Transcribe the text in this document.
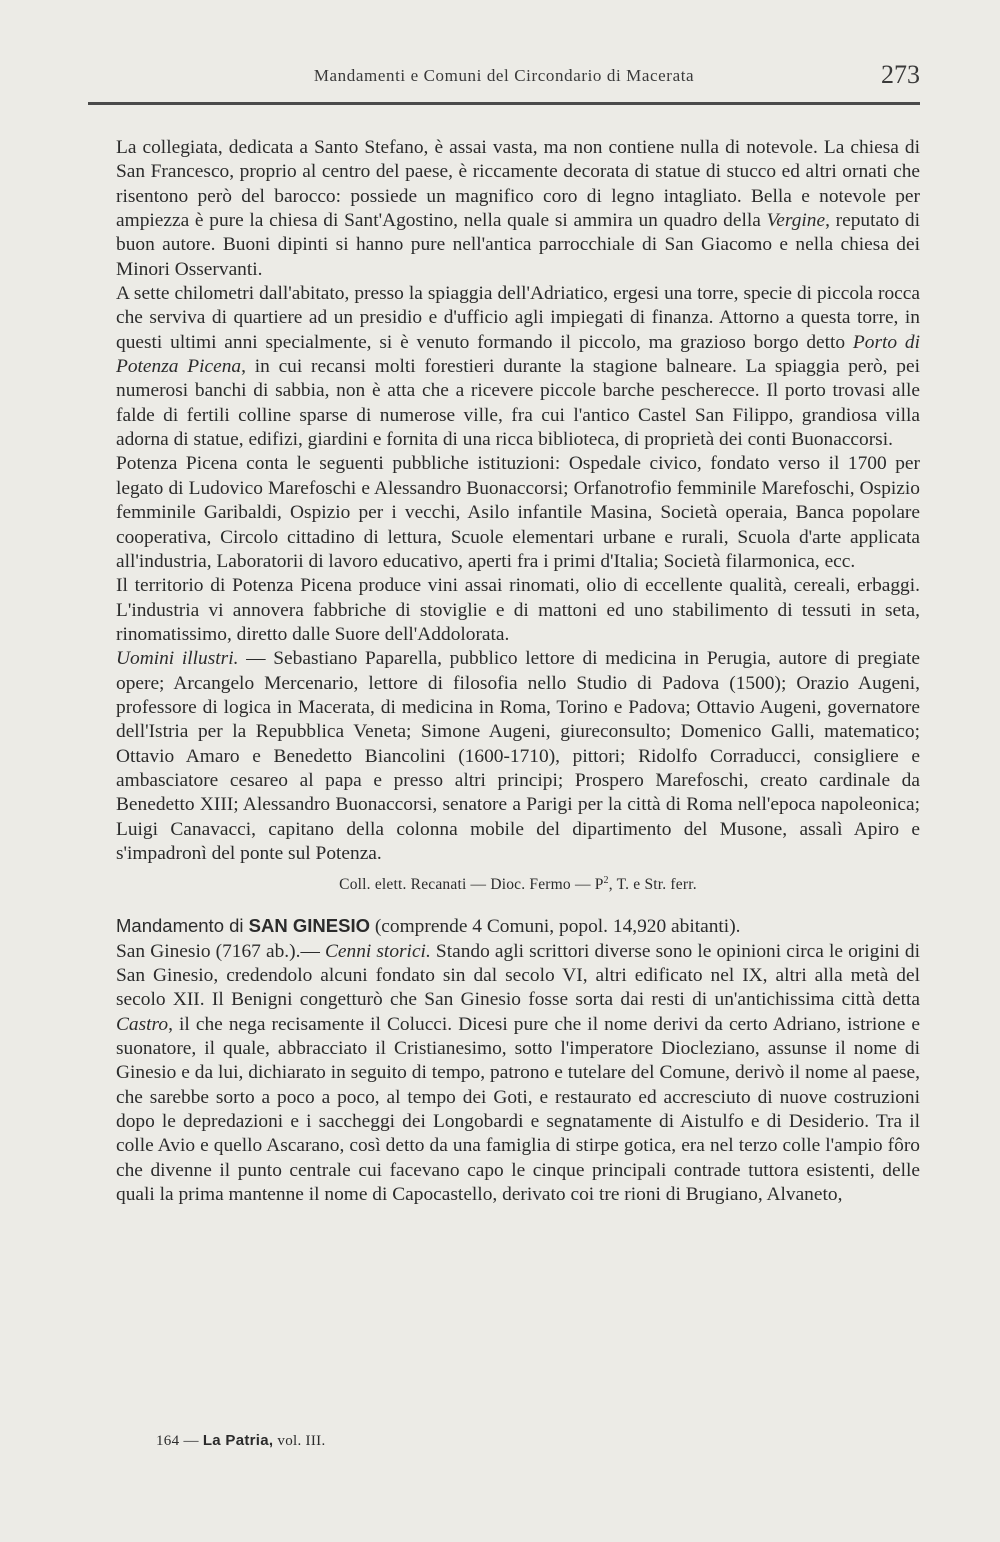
Mandamenti e Comuni del Circondario di Macerata	273

La collegiata, dedicata a Santo Stefano, è assai vasta, ma non contiene nulla di notevole. La chiesa di San Francesco, proprio al centro del paese, è riccamente decorata di statue di stucco ed altri ornati che risentono però del barocco: possiede un magnifico coro di legno intagliato. Bella e notevole per ampiezza è pure la chiesa di Sant'Agostino, nella quale si ammira un quadro della Vergine, reputato di buon autore. Buoni dipinti si hanno pure nell'antica parrocchiale di San Giacomo e nella chiesa dei Minori Osservanti.

A sette chilometri dall'abitato, presso la spiaggia dell'Adriatico, ergesi una torre, specie di piccola rocca che serviva di quartiere ad un presidio e d'ufficio agli impiegati di finanza. Attorno a questa torre, in questi ultimi anni specialmente, si è venuto formando il piccolo, ma grazioso borgo detto Porto di Potenza Picena, in cui recansi molti forestieri durante la stagione balneare. La spiaggia però, pei numerosi banchi di sabbia, non è atta che a ricevere piccole barche pescherecce. Il porto trovasi alle falde di fertili colline sparse di numerose ville, fra cui l'antico Castel San Filippo, grandiosa villa adorna di statue, edifizi, giardini e fornita di una ricca biblioteca, di proprietà dei conti Buonaccorsi.

Potenza Picena conta le seguenti pubbliche istituzioni: Ospedale civico, fondato verso il 1700 per legato di Ludovico Marefoschi e Alessandro Buonaccorsi; Orfanotrofio femminile Marefoschi, Ospizio femminile Garibaldi, Ospizio per i vecchi, Asilo infantile Masina, Società operaia, Banca popolare cooperativa, Circolo cittadino di lettura, Scuole elementari urbane e rurali, Scuola d'arte applicata all'industria, Laboratorii di lavoro educativo, aperti fra i primi d'Italia; Società filarmonica, ecc.

Il territorio di Potenza Picena produce vini assai rinomati, olio di eccellente qualità, cereali, erbaggi. L'industria vi annovera fabbriche di stoviglie e di mattoni ed uno stabilimento di tessuti in seta, rinomatissimo, diretto dalle Suore dell'Addolorata.

Uomini illustri. — Sebastiano Paparella, pubblico lettore di medicina in Perugia, autore di pregiate opere; Arcangelo Mercenario, lettore di filosofia nello Studio di Padova (1500); Orazio Augeni, professore di logica in Macerata, di medicina in Roma, Torino e Padova; Ottavio Augeni, governatore dell'Istria per la Repubblica Veneta; Simone Augeni, giureconsulto; Domenico Galli, matematico; Ottavio Amaro e Benedetto Biancolini (1600-1710), pittori; Ridolfo Corraducci, consigliere e ambasciatore cesareo al papa e presso altri principi; Prospero Marefoschi, creato cardinale da Benedetto XIII; Alessandro Buonaccorsi, senatore a Parigi per la città di Roma nell'epoca napoleonica; Luigi Canavacci, capitano della colonna mobile del dipartimento del Musone, assalì Apiro e s'impadronì del ponte sul Potenza.

Coll. elett. Recanati — Dioc. Fermo — $P^2$, T. e Str. ferr.

Mandamento di SAN GINESIO (comprende 4 Comuni, popol. 14,920 abitanti).

San Ginesio (7167 ab.).— Cenni storici. Stando agli scrittori diverse sono le opinioni circa le origini di San Ginesio, credendolo alcuni fondato sin dal secolo VI, altri edificato nel IX, altri alla metà del secolo XII. Il Benigni congetturò che San Ginesio fosse sorta dai resti di un'antichissima città detta Castro, il che nega recisamente il Colucci. Dicesi pure che il nome derivi da certo Adriano, istrione e suonatore, il quale, abbracciato il Cristianesimo, sotto l'imperatore Diocleziano, assunse il nome di Ginesio e da lui, dichiarato in seguito di tempo, patrono e tutelare del Comune, derivò il nome al paese, che sarebbe sorto a poco a poco, al tempo dei Goti, e restaurato ed accresciuto di nuove costruzioni dopo le depredazioni e i saccheggi dei Longobardi e segnatamente di Aistulfo e di Desiderio. Tra il colle Avio e quello Ascarano, così detto da una famiglia di stirpe gotica, era nel terzo colle l'ampio fôro che divenne il punto centrale cui facevano capo le cinque principali contrade tuttora esistenti, delle quali la prima mantenne il nome di Capocastello, derivato coi tre rioni di Brugiano, Alvaneto,

164 — La Patria, vol. III.
